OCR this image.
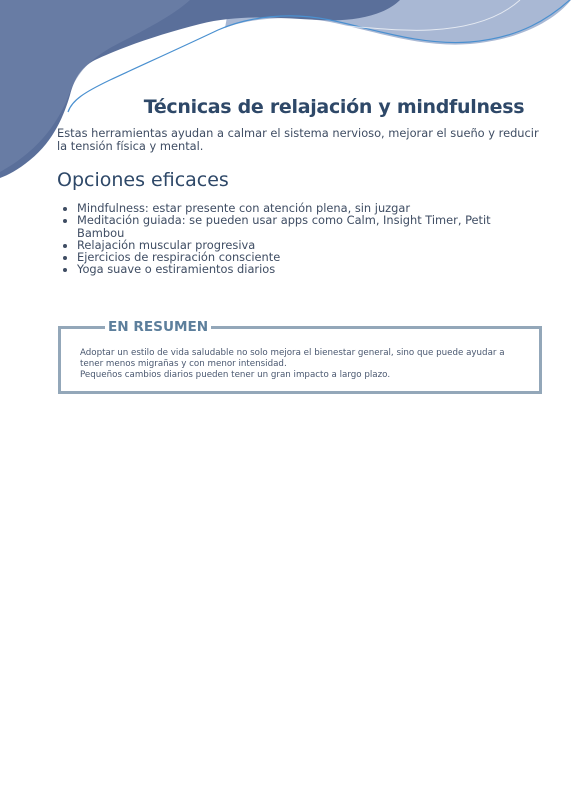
Técnicas de relajación y mindfulness

Estas herramientas ayudan a calmar el sistema nervioso, mejorar el sueño y reducir la tensión física y mental.

Opciones eficaces
• Mindfulness: estar presente con atención plena, sin juzgar
• Meditación guiada: se pueden usar apps como Calm, Insight Timer, Petit Bambou
• Relajación muscular progresiva
• Ejercicios de respiración consciente
• Yoga suave o estiramientos diarios
EN RESUMEN

Adoptar un estilo de vida saludable no solo mejora el bienestar general, sino que puede ayudar a tener menos migrañas y con menor intensidad.
Pequeños cambios diarios pueden tener un gran impacto a largo plazo.
